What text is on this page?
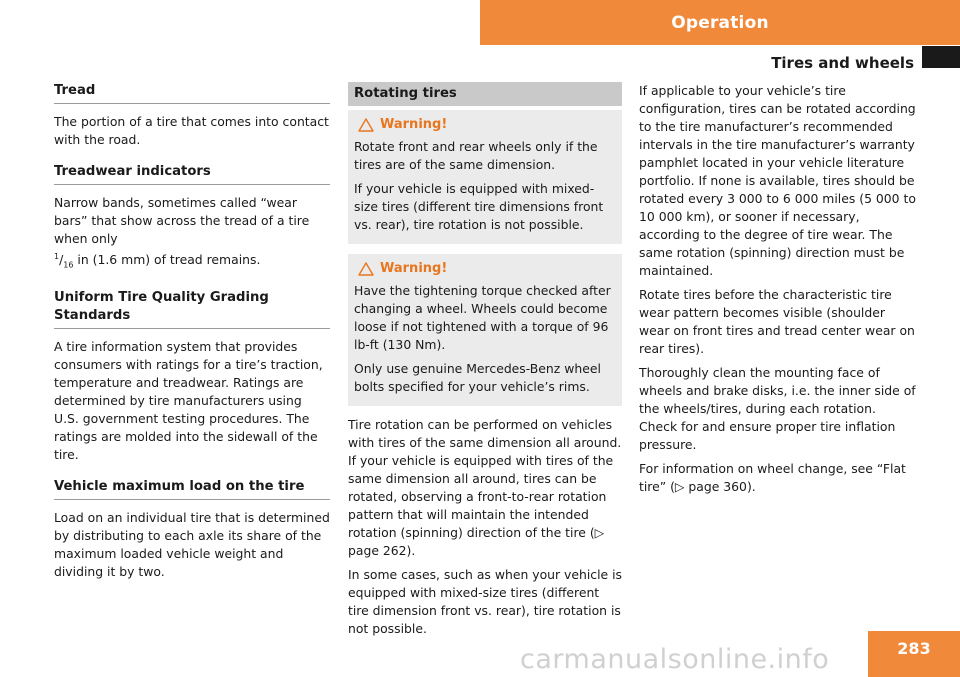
Operation
Tires and wheels
Tread

The portion of a tire that comes into contact with the road.

Treadwear indicators

Narrow bands, sometimes called “wear bars” that show across the tread of a tire when only
$^1/_{16}$ in (1.6 mm) of tread remains.

Uniform Tire Quality Grading Standards

A tire information system that provides consumers with ratings for a tire’s traction, temperature and treadwear. Ratings are determined by tire manufacturers using U.S. government testing procedures. The ratings are molded into the sidewall of the tire.

Vehicle maximum load on the tire

Load on an individual tire that is determined by distributing to each axle its share of the maximum loaded vehicle weight and dividing it by two.

Rotating tires
Warning!

Rotate front and rear wheels only if the tires are of the same dimension.

If your vehicle is equipped with mixed-size tires (different tire dimensions front vs. rear), tire rotation is not possible.

Warning!

Have the tightening torque checked after changing a wheel. Wheels could become loose if not tightened with a torque of 96 lb-ft (130 Nm).

Only use genuine Mercedes-Benz wheel bolts specified for your vehicle’s rims.

Tire rotation can be performed on vehicles with tires of the same dimension all around. If your vehicle is equipped with tires of the same dimension all around, tires can be rotated, observing a front-to-rear rotation pattern that will maintain the intended rotation (spinning) direction of the tire (▷ page 262).

In some cases, such as when your vehicle is equipped with mixed-size tires (different tire dimension front vs. rear), tire rotation is not possible.

If applicable to your vehicle’s tire configuration, tires can be rotated according to the tire manufacturer’s recommended intervals in the tire manufacturer’s warranty pamphlet located in your vehicle literature portfolio. If none is available, tires should be rotated every 3 000 to 6 000 miles (5 000 to 10 000 km), or sooner if necessary, according to the degree of tire wear. The same rotation (spinning) direction must be maintained.

Rotate tires before the characteristic tire wear pattern becomes visible (shoulder wear on front tires and tread center wear on rear tires).

Thoroughly clean the mounting face of wheels and brake disks, i.e. the inner side of the wheels/tires, during each rotation. Check for and ensure proper tire inflation pressure.

For information on wheel change, see “Flat tire” (▷ page 360).

283
carmanualsonline.info
